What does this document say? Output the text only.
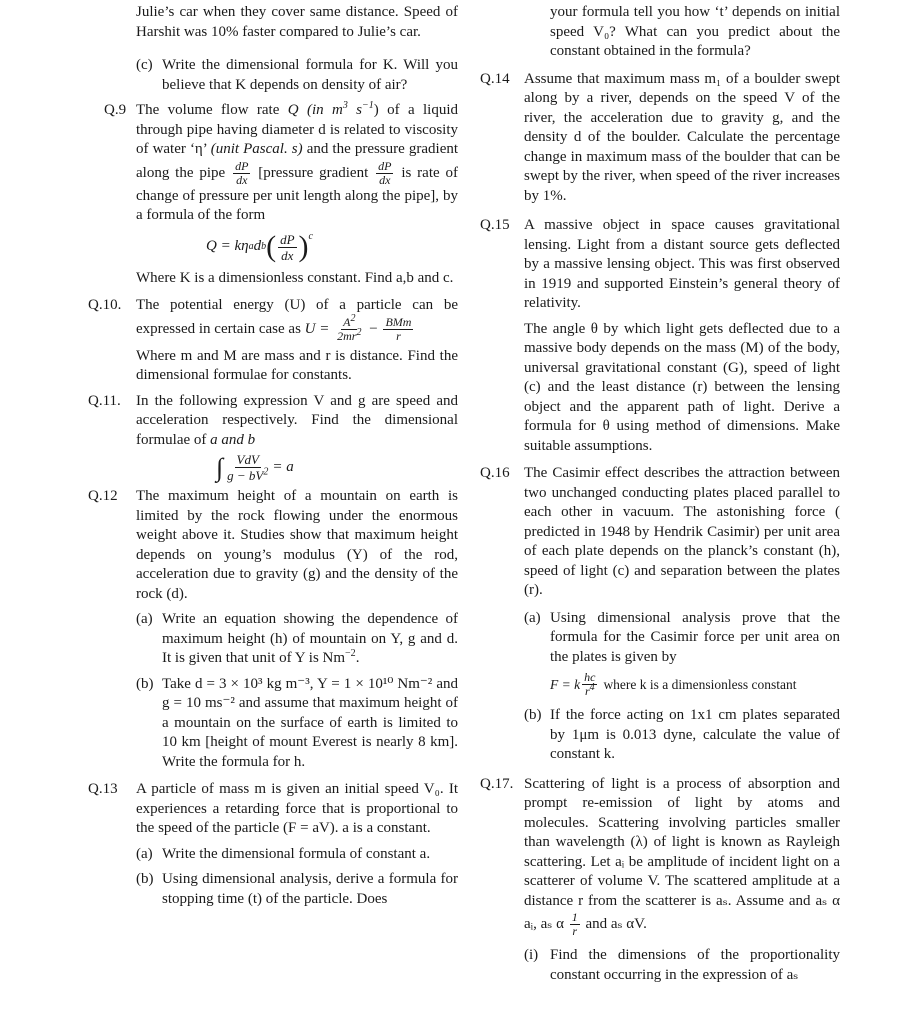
Julie’s car when they cover same distance. Speed of Harshit was 10% faster compared to Julie’s car.

(c) Write the dimensional formula for K. Will you believe that K depends on density of air?
Q.9 The volume flow rate Q (in $m^3$ $s^{-1}$) of a liquid through pipe having diameter d is related to viscosity of water ‘η’ (unit Pascal. s) and the pressure gradient along the pipe $\frac{dP}{dx}$ [pressure gradient $\frac{dP}{dx}$ is rate of change of pressure per unit length along the pipe], by a formula of the form

Q = kη a d b ( $\frac{dP}{dx} )^c$

Where K is a dimensionless constant. Find a,b and c.

Q.10. The potential energy (U) of a particle can be expressed in certain case as $U = \frac{A^2}{2mr^2} - \frac{\text{BMm}}{r}$

Where m and M are mass and r is distance. Find the dimensional formulae for constants.

Q.11.	In the following expression V and g are speed and acceleration respectively. Find the dimensional formulae of a and b

∫ $\frac{\text{VdV}}{g - bV^2} = a$
Q.12	The maximum height of a mountain on earth is limited by the rock flowing under the enormous weight above it. Studies show that maximum height depends on young’s modulus (Y) of the rod, acceleration due to gravity (g) and the density of the rock (d).

(a) Write an equation showing the dependence of maximum height (h) of mountain on Y, g and d. It is given that unit of Y is $Nm^{-2}$.
(b) Take d = 3 × 10³ kg m⁻³, Y = 1 × 10¹⁰ Nm⁻² and g = 10 ms⁻² and assume that maximum height of a mountain on the surface of earth is limited to 10 km [height of mount Everest is nearly 8 km]. Write the formula for h.
Q.13	A particle of mass m is given an initial speed V₀. It experiences a retarding force that is proportional to the speed of the particle (F = aV). a is a constant.

(a) Write the dimensional formula of constant a.
(b) Using dimensional analysis, derive a formula for stopping time (t) of the particle. Does

your formula tell you how ‘t’ depends on initial speed V₀? What can you predict about the constant obtained in the formula?

Q.14 Assume that maximum mass m₁ of a boulder swept along by a river, depends on the speed V of the river, the acceleration due to gravity g, and the density d of the boulder. Calculate the percentage change in maximum mass of the boulder that can be swept by the river, when speed of the river increases by 1%.

Q.15 A massive object in space causes gravitational lensing. Light from a distant source gets deflected by a massive lensing object. This was first observed in 1919 and supported Einstein’s general theory of relativity.

The angle θ by which light gets deflected due to a massive body depends on the mass (M) of the body, universal gravitational constant (G), speed of light (c) and the least distance (r) between the lensing object and the apparent path of light. Derive a formula for θ using method of dimensions. Make suitable assumptions.

Q.16 The Casimir effect describes the attraction between two unchanged conducting plates placed parallel to each other in vacuum. The astonishing force ( predicted in 1948 by Hendrik Casimir) per unit area of each plate depends on the planck’s constant (h), speed of light (c) and separation between the plates (r).

(a) Using dimensional analysis prove that the formula for the Casimir force per unit area on the plates is given by

F = k $\frac{hc}{r^4}$ where k is a dimensionless constant
(b) If the force acting on 1x1 cm plates separated by 1μm is 0.013 dyne, calculate the value of constant k.
Q.17. Scattering of light is a process of absorption and prompt re-emission of light by atoms and molecules. Scattering involving particles smaller than wavelength (λ) of light is known as Rayleigh scattering. Let aᵢ be amplitude of incident light on a scatterer of volume V. The scattered amplitude at a distance r from the scatterer is aₛ. Assume and aₛ α aᵢ, aₛ α $\frac{1}{r}$ and aₛ αV.

(i) Find the dimensions of the proportionality constant occurring in the expression of aₛ
